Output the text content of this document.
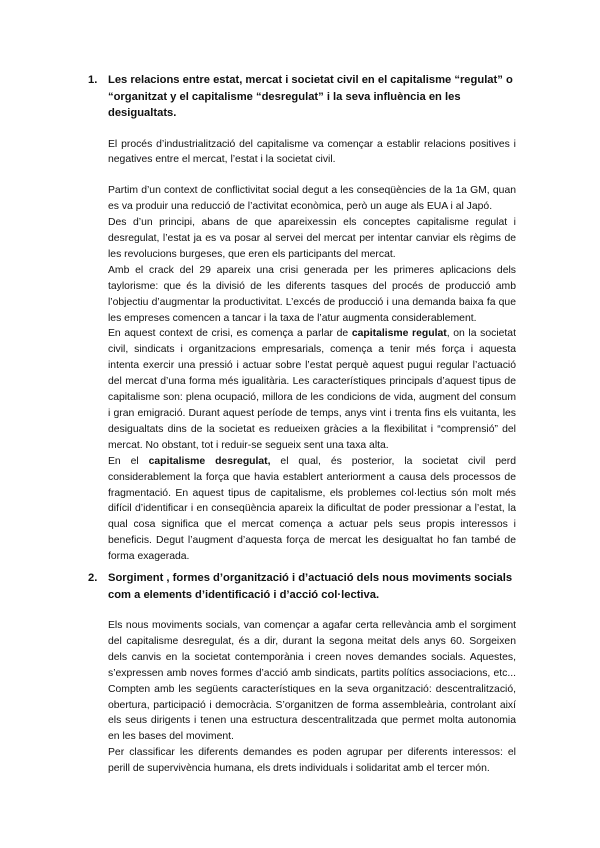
1. Les relacions entre estat, mercat i societat civil en el capitalisme “regulat” o “organitzat y el capitalisme “desregulat” i la seva influència en les desigualtats.

El procés d’industrialització del capitalisme va començar a establir relacions positives i negatives entre el mercat, l’estat i la societat civil.

Partim d’un context de conflictivitat social degut a les conseqüències de la 1a GM, quan es va produir una reducció de l’activitat econòmica, però un auge als EUA i al Japó.

Des d’un principi, abans de que apareixessin els conceptes capitalisme regulat i desregulat, l’estat ja es va posar al servei del mercat per intentar canviar els règims de les revolucions burgeses, que eren els participants del mercat.

Amb el crack del 29 apareix una crisi generada per les primeres aplicacions dels taylorisme: que és la divisió de les diferents tasques del procés de producció amb l’objectiu d’augmentar la productivitat. L’excés de producció i una demanda baixa fa que les empreses comencen a tancar i la taxa de l’atur augmenta considerablement.

En aquest context de crisi, es comença a parlar de capitalisme regulat, on la societat civil, sindicats i organitzacions empresarials, comença a tenir més força i aquesta intenta exercir una pressió i actuar sobre l’estat perquè aquest pugui regular l’actuació del mercat d’una forma més igualitària. Les característiques principals d’aquest tipus de capitalisme son: plena ocupació, millora de les condicions de vida, augment del consum i gran emigració. Durant aquest període de temps, anys vint i trenta fins els vuitanta, les desigualtats dins de la societat es redueixen gràcies a la flexibilitat i “comprensió” del mercat. No obstant, tot i reduir-se segueix sent una taxa alta.

En el capitalisme desregulat, el qual, és posterior, la societat civil perd considerablement la força que havia establert anteriorment a causa dels processos de fragmentació. En aquest tipus de capitalisme, els problemes col·lectius són molt més difícil d’identificar i en conseqüència apareix la dificultat de poder pressionar a l’estat, la qual cosa significa que el mercat comença a actuar pels seus propis interessos i beneficis. Degut l’augment d’aquesta força de mercat les desigualtat ho fan també de forma exagerada.

2. Sorgiment , formes d’organització i d’actuació dels nous moviments socials com a elements d’identificació i d’acció col·lectiva.

Els nous moviments socials, van començar a agafar certa rellevància amb el sorgiment del capitalisme desregulat, és a dir, durant la segona meitat dels anys 60. Sorgeixen dels canvis en la societat contemporània i creen noves demandes socials. Aquestes, s’expressen amb noves formes d’acció amb sindicats, partits polítics associacions, etc... Compten amb les següents característiques en la seva organització: descentralització, obertura, participació i democràcia. S’organitzen de forma assembleària, controlant així els seus dirigents i tenen una estructura descentralitzada que permet molta autonomia en les bases del moviment.

Per classificar les diferents demandes es poden agrupar per diferents interessos: el perill de supervivència humana, els drets individuals i solidaritat amb el tercer món.
